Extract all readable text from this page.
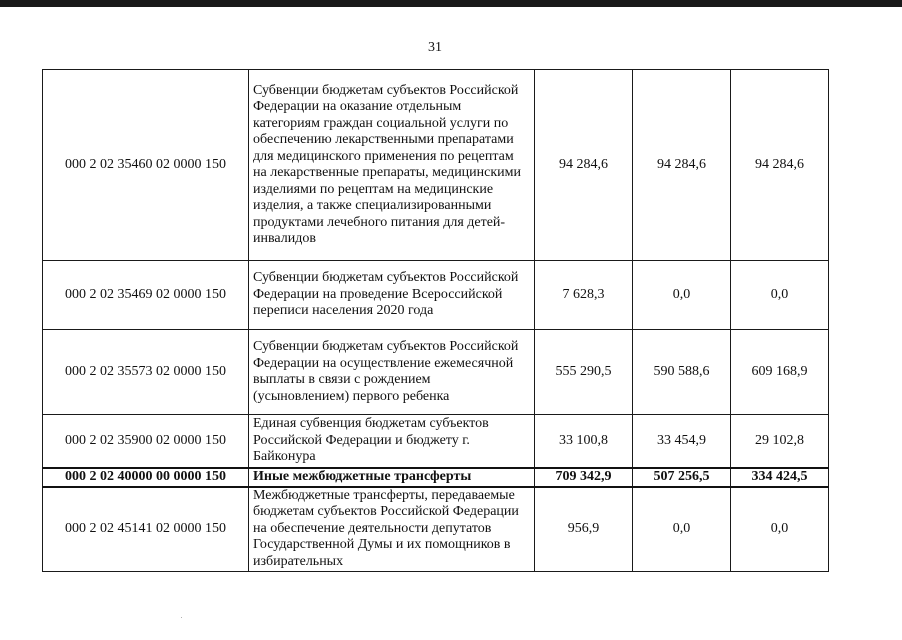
31
000 2 02 35460 02 0000 150	Субвенции бюджетам субъектов Российской Федерации на оказание отдельным категориям граждан социальной услуги по обеспечению лекарственными препаратами для медицинского применения по рецептам на лекарственные препараты, медицинскими изделиями по рецептам на медицинские изделия, а также специализированными продуктами лечебного питания для детей-инвалидов	94 284,6	94 284,6	94 284,6
000 2 02 35469 02 0000 150	Субвенции бюджетам субъектов Российской Федерации на проведение Всероссийской переписи населения 2020 года	7 628,3	0,0	0,0
000 2 02 35573 02 0000 150	Субвенции бюджетам субъектов Российской Федерации на осуществление ежемесячной выплаты в связи с рождением (усыновлением) первого ребенка	555 290,5	590 588,6	609 168,9
000 2 02 35900 02 0000 150	Единая субвенция бюджетам субъектов Российской Федерации и бюджету г. Байконура	33 100,8	33 454,9	29 102,8
000 2 02 40000 00 0000 150	Иные межбюджетные трансферты	709 342,9	507 256,5	334 424,5
000 2 02 45141 02 0000 150	Межбюджетные трансферты, передаваемые бюджетам субъектов Российской Федерации на обеспечение деятельности депутатов Государственной Думы и их помощников в избирательных	956,9	0,0	0,0
